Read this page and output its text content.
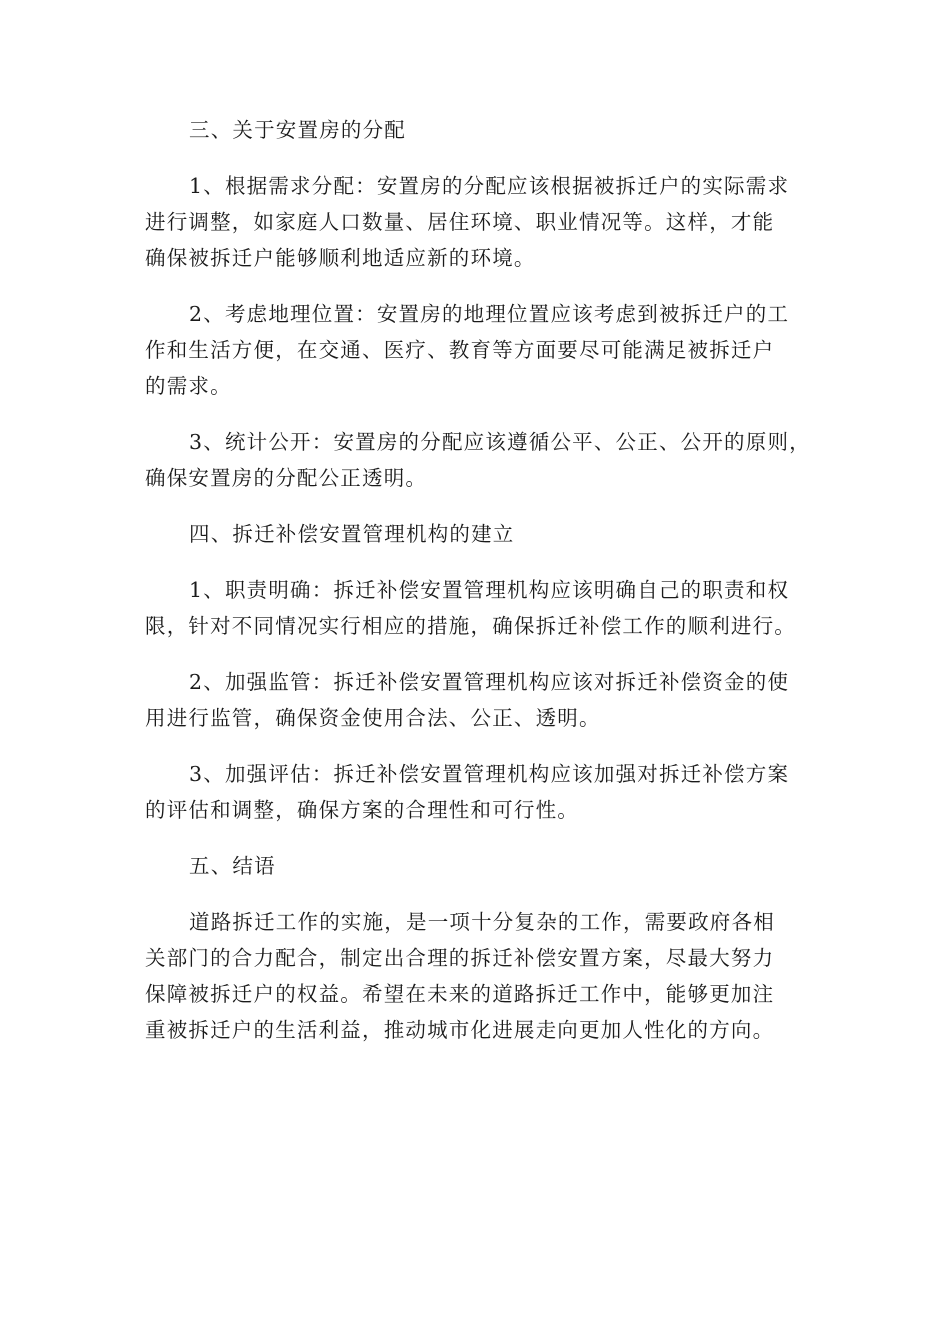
三、关于安置房的分配
1、根据需求分配：安置房的分配应该根据被拆迁户的实际需求
进行调整，如家庭人口数量、居住环境、职业情况等。这样，才能
确保被拆迁户能够顺利地适应新的环境。
2、考虑地理位置：安置房的地理位置应该考虑到被拆迁户的工
作和生活方便，在交通、医疗、教育等方面要尽可能满足被拆迁户
的需求。
3、统计公开：安置房的分配应该遵循公平、公正、公开的原则，
确保安置房的分配公正透明。
四、拆迁补偿安置管理机构的建立
1、职责明确：拆迁补偿安置管理机构应该明确自己的职责和权
限，针对不同情况实行相应的措施，确保拆迁补偿工作的顺利进行。
2、加强监管：拆迁补偿安置管理机构应该对拆迁补偿资金的使
用进行监管，确保资金使用合法、公正、透明。
3、加强评估：拆迁补偿安置管理机构应该加强对拆迁补偿方案
的评估和调整，确保方案的合理性和可行性。
五、结语
道路拆迁工作的实施，是一项十分复杂的工作，需要政府各相
关部门的合力配合，制定出合理的拆迁补偿安置方案，尽最大努力
保障被拆迁户的权益。希望在未来的道路拆迁工作中，能够更加注
重被拆迁户的生活利益，推动城市化进展走向更加人性化的方向。
